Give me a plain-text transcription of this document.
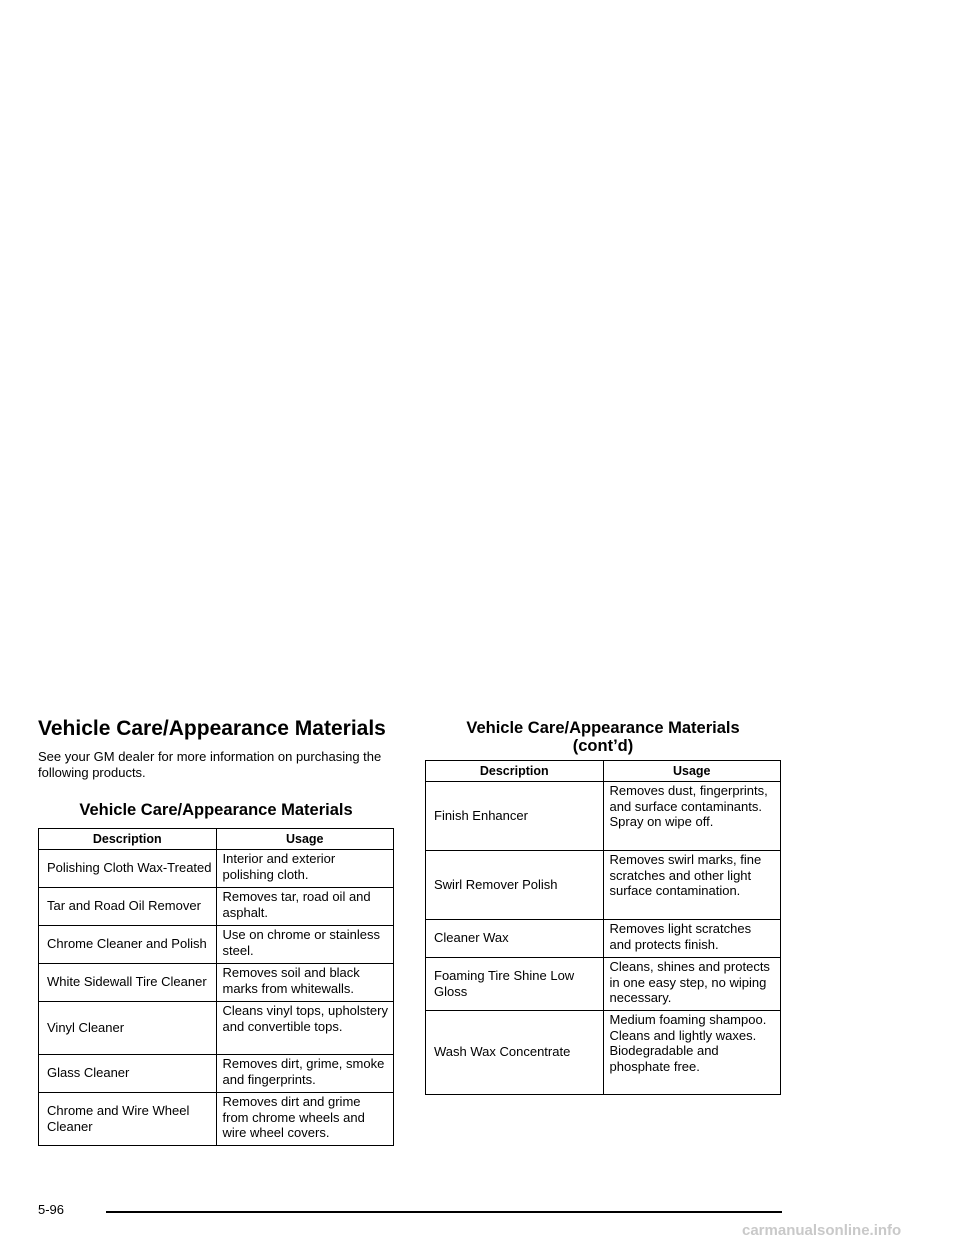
Vehicle Care/Appearance Materials

See your GM dealer for more information on purchasing the following products.

Vehicle Care/Appearance Materials
Description	Usage
Polishing Cloth Wax-Treated	Interior and exterior polishing cloth.
Tar and Road Oil Remover	Removes tar, road oil and asphalt.
Chrome Cleaner and Polish	Use on chrome or stainless steel.
White Sidewall Tire Cleaner	Removes soil and black marks from whitewalls.
Vinyl Cleaner	Cleans vinyl tops, upholstery and convertible tops.
Glass Cleaner	Removes dirt, grime, smoke and fingerprints.
Chrome and Wire Wheel Cleaner	Removes dirt and grime from chrome wheels and wire wheel covers.
Vehicle Care/Appearance Materials
(cont’d)
Description	Usage
Finish Enhancer	Removes dust, fingerprints, and surface contaminants. Spray on wipe off.
Swirl Remover Polish	Removes swirl marks, fine scratches and other light surface contamination.
Cleaner Wax	Removes light scratches and protects finish.
Foaming Tire Shine Low Gloss	Cleans, shines and protects in one easy step, no wiping necessary.
Wash Wax Concentrate	Medium foaming shampoo. Cleans and lightly waxes. Biodegradable and phosphate free.
5-96
carmanualsonline.info
